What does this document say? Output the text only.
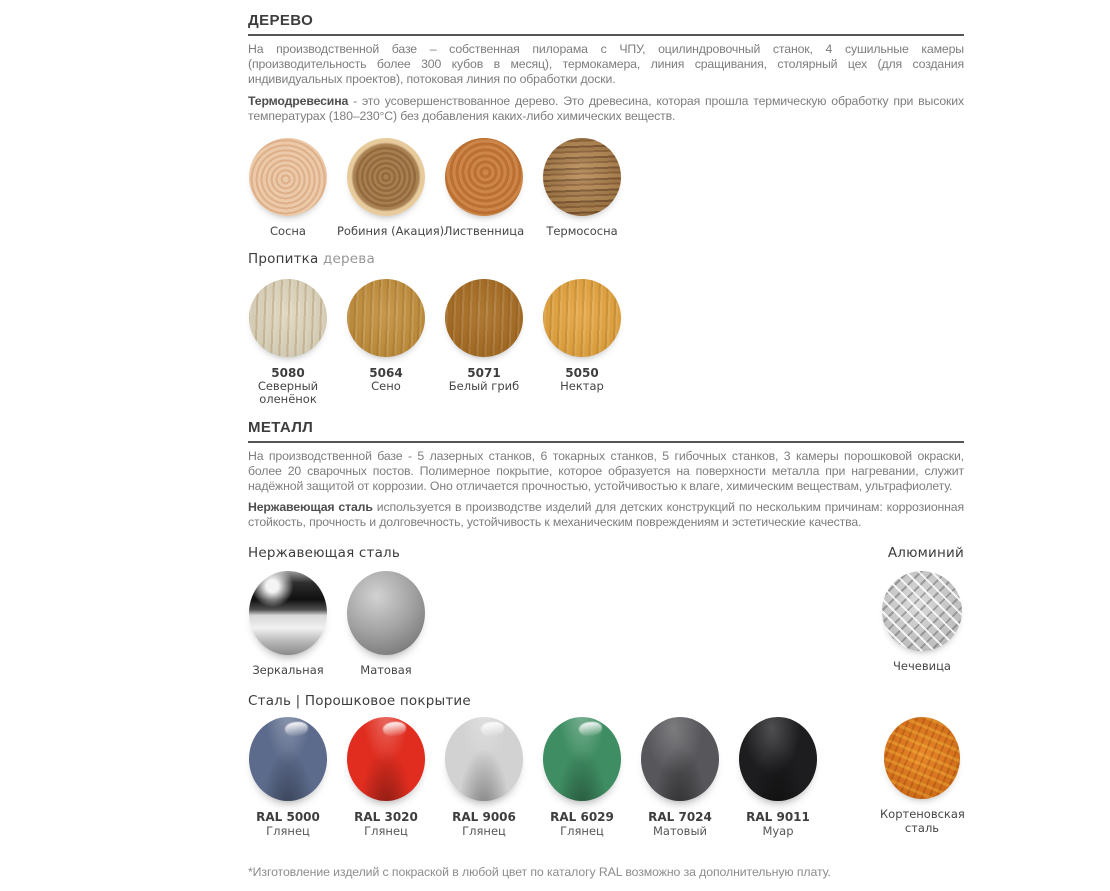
ДЕРЕВО

На производственной базе – собственная пилорама с ЧПУ, оцилиндровочный станок, 4 сушильные камеры (производительность более 300 кубов в месяц), термокамера, линия сращивания, столярный цех (для создания индивидуальных проектов), потоковая линия по обработки доски.

Термодревесина - это усовершенствованное дерево. Это древесина, которая прошла термическую обработку при высоких температурах (180–230°C) без добавления каких-либо химических веществ.

Сосна	Робиния (Акация) Лиственница	Термососна
Пропитка дерева
5080
Северный оленёнок
5064
Сено
5071
Белый гриб
5050
Нектар
МЕТАЛЛ

На производственной базе - 5 лазерных станков, 6 токарных станков, 5 гибочных станков, 3 камеры порошковой окраски, более 20 сварочных постов. Полимерное покрытие, которое образуется на поверхности металла при нагревании, служит надёжной защитой от коррозии. Оно отличается прочностью, устойчивостью к влаге, химическим веществам, ультрафиолету.

Нержавеющая сталь используется в производстве изделий для детских конструкций по нескольким причинам: коррозионная стойкость, прочность и долговечность, устойчивость к механическим повреждениям и эстетические качества.

Нержавеющая сталь	Алюминий
Зеркальная	Матовая	Чечевица
Сталь | Порошковое покрытие
RAL 5000
Глянец
RAL 3020
Глянец
RAL 9006
Глянец
RAL 6029
Глянец
RAL 7024
Матовый
RAL 9011
Муар
Кортеновская сталь

*Изготовление изделий с покраской в любой цвет по каталогу RAL возможно за дополнительную плату.
